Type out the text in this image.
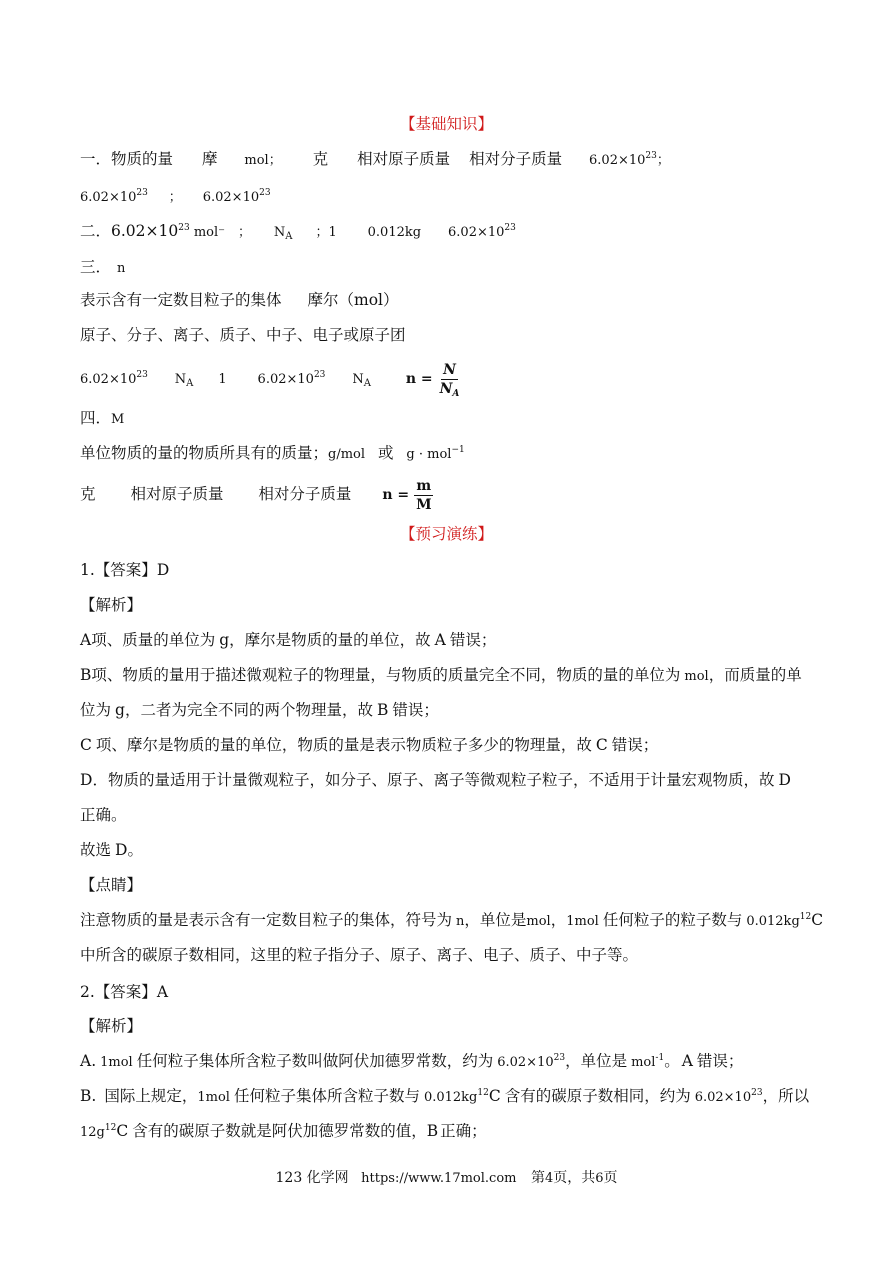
【基础知识】
一．物质的量 摩 mol； 克 相对原子质量 相对分子质量 $6.02\times 10^{23}$；
$6.02\times 10^{23}$ ； $6.02\times 10^{23}$
二．$6.02\times 10^{23}$ mol⁻ ； $N_A$ ；1 0.012kg $6.02\times 10^{23}$
三． n
表示含有一定数目粒子的集体 摩尔（mol）
原子、分子、离子、质子、中子、电子或原子团
$6.02\times 10^{23}$ $N_A$ 1 $6.02\times 10^{23}$ $N_A$ $n = \frac{N}{N_A}$
四．M
单位物质的量的物质所具有的质量；g/mol 或 g · mol$^{-1}$
克 相对原子质量 相对分子质量 $n = \frac{m}{M}$
【预习演练】
1.【答案】D
【解析】
A项、质量的单位为 g，摩尔是物质的量的单位，故 A 错误；
B项、物质的量用于描述微观粒子的物理量，与物质的质量完全不同，物质的量的单位为 mol，而质量的单
位为 g，二者为完全不同的两个物理量，故 B 错误；
C 项、摩尔是物质的量的单位，物质的量是表示物质粒子多少的物理量，故 C 错误；
D．物质的量适用于计量微观粒子，如分子、原子、离子等微观粒子粒子，不适用于计量宏观物质，故 D
正确。
故选 D。
【点睛】
注意物质的量是表示含有一定数目粒子的集体，符号为 n，单位是mol，1mol 任何粒子的粒子数与 $0.012kg^{12}C$
中所含的碳原子数相同，这里的粒子指分子、原子、离子、电子、质子、中子等。
2.【答案】A
【解析】
A. 1mol 任何粒子集体所含粒子数叫做阿伏加德罗常数，约为 $6.02\times 10^{23}$，单位是 mol$^{-1}$。 A 错误；
B. 国际上规定，1mol 任何粒子集体所含粒子数与 $0.012kg^{12}C$ 含有的碳原子数相同，约为 $6.02\times 10^{23}$，所以
$12g^{12}C$ 含有的碳原子数就是阿伏加德罗常数的值，B 正确；
123 化学网 https://www.17mol.com 第4页，共6页
